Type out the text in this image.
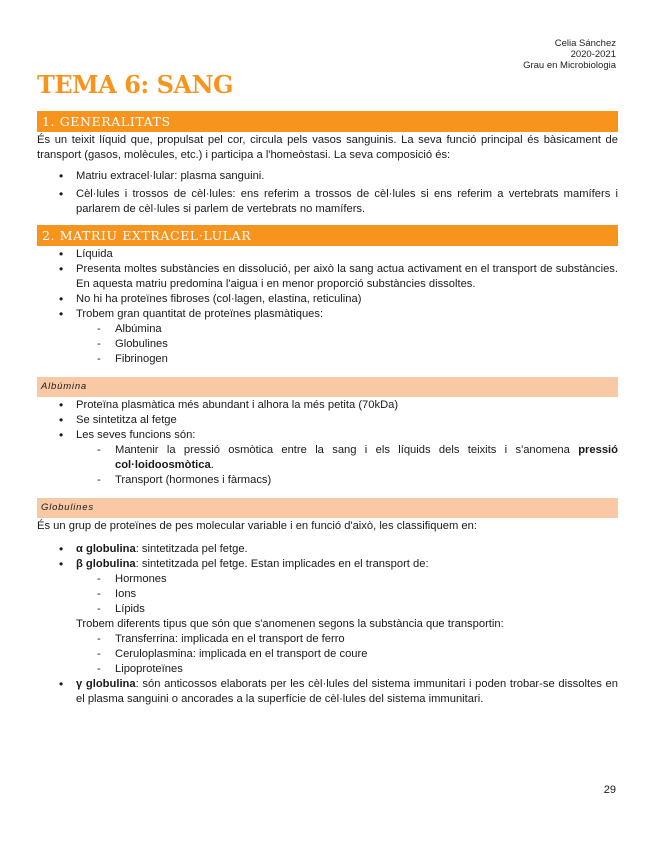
Celia Sánchez
2020-2021
Grau en Microbiologia
TEMA 6: SANG
1. GENERALITATS

És un teixit líquid que, propulsat pel cor, circula pels vasos sanguinis. La seva funció principal és bàsicament de transport (gasos, molècules, etc.) i participa a l'homeòstasi. La seva composició és:

• Matriu extracel·lular: plasma sanguini.
• Cèl·lules i trossos de cèl·lules: ens referim a trossos de cèl·lules si ens referim a vertebrats mamífers i parlarem de cèl·lules si parlem de vertebrats no mamífers.
2. MATRIU EXTRACEL·LULAR
• Líquida
• Presenta moltes substàncies en dissolució, per això la sang actua activament en el transport de substàncies. En aquesta matriu predomina l'aigua i en menor proporció substàncies dissoltes.
• No hi ha proteïnes fibroses (col·lagen, elastina, reticulina)
• Trobem gran quantitat de proteïnes plasmàtiques:
- Albúmina
- Globulines
- Fibrinogen
Albúmina
• Proteïna plasmàtica més abundant i alhora la més petita (70kDa)
• Se sintetitza al fetge
• Les seves funcions són:
- Mantenir la pressió osmòtica entre la sang i els líquids dels teixits i s'anomena pressió col·loidoosmòtica.
- Transport (hormones i fàrmacs)
Globulines

És un grup de proteïnes de pes molecular variable i en funció d'això, les classifiquem en:

• α globulina: sintetitzada pel fetge.
• β globulina: sintetitzada pel fetge. Estan implicades en el transport de:
- Hormones
- Ions
- Lípids
Trobem diferents tipus que són que s'anomenen segons la substància que transportin:
- Transferrina: implicada en el transport de ferro
- Ceruloplasmina: implicada en el transport de coure
- Lipoproteïnes
• γ globulina: són anticossos elaborats per les cèl·lules del sistema immunitari i poden trobar-se dissoltes en el plasma sanguini o ancorades a la superfície de cèl·lules del sistema immunitari.
29
